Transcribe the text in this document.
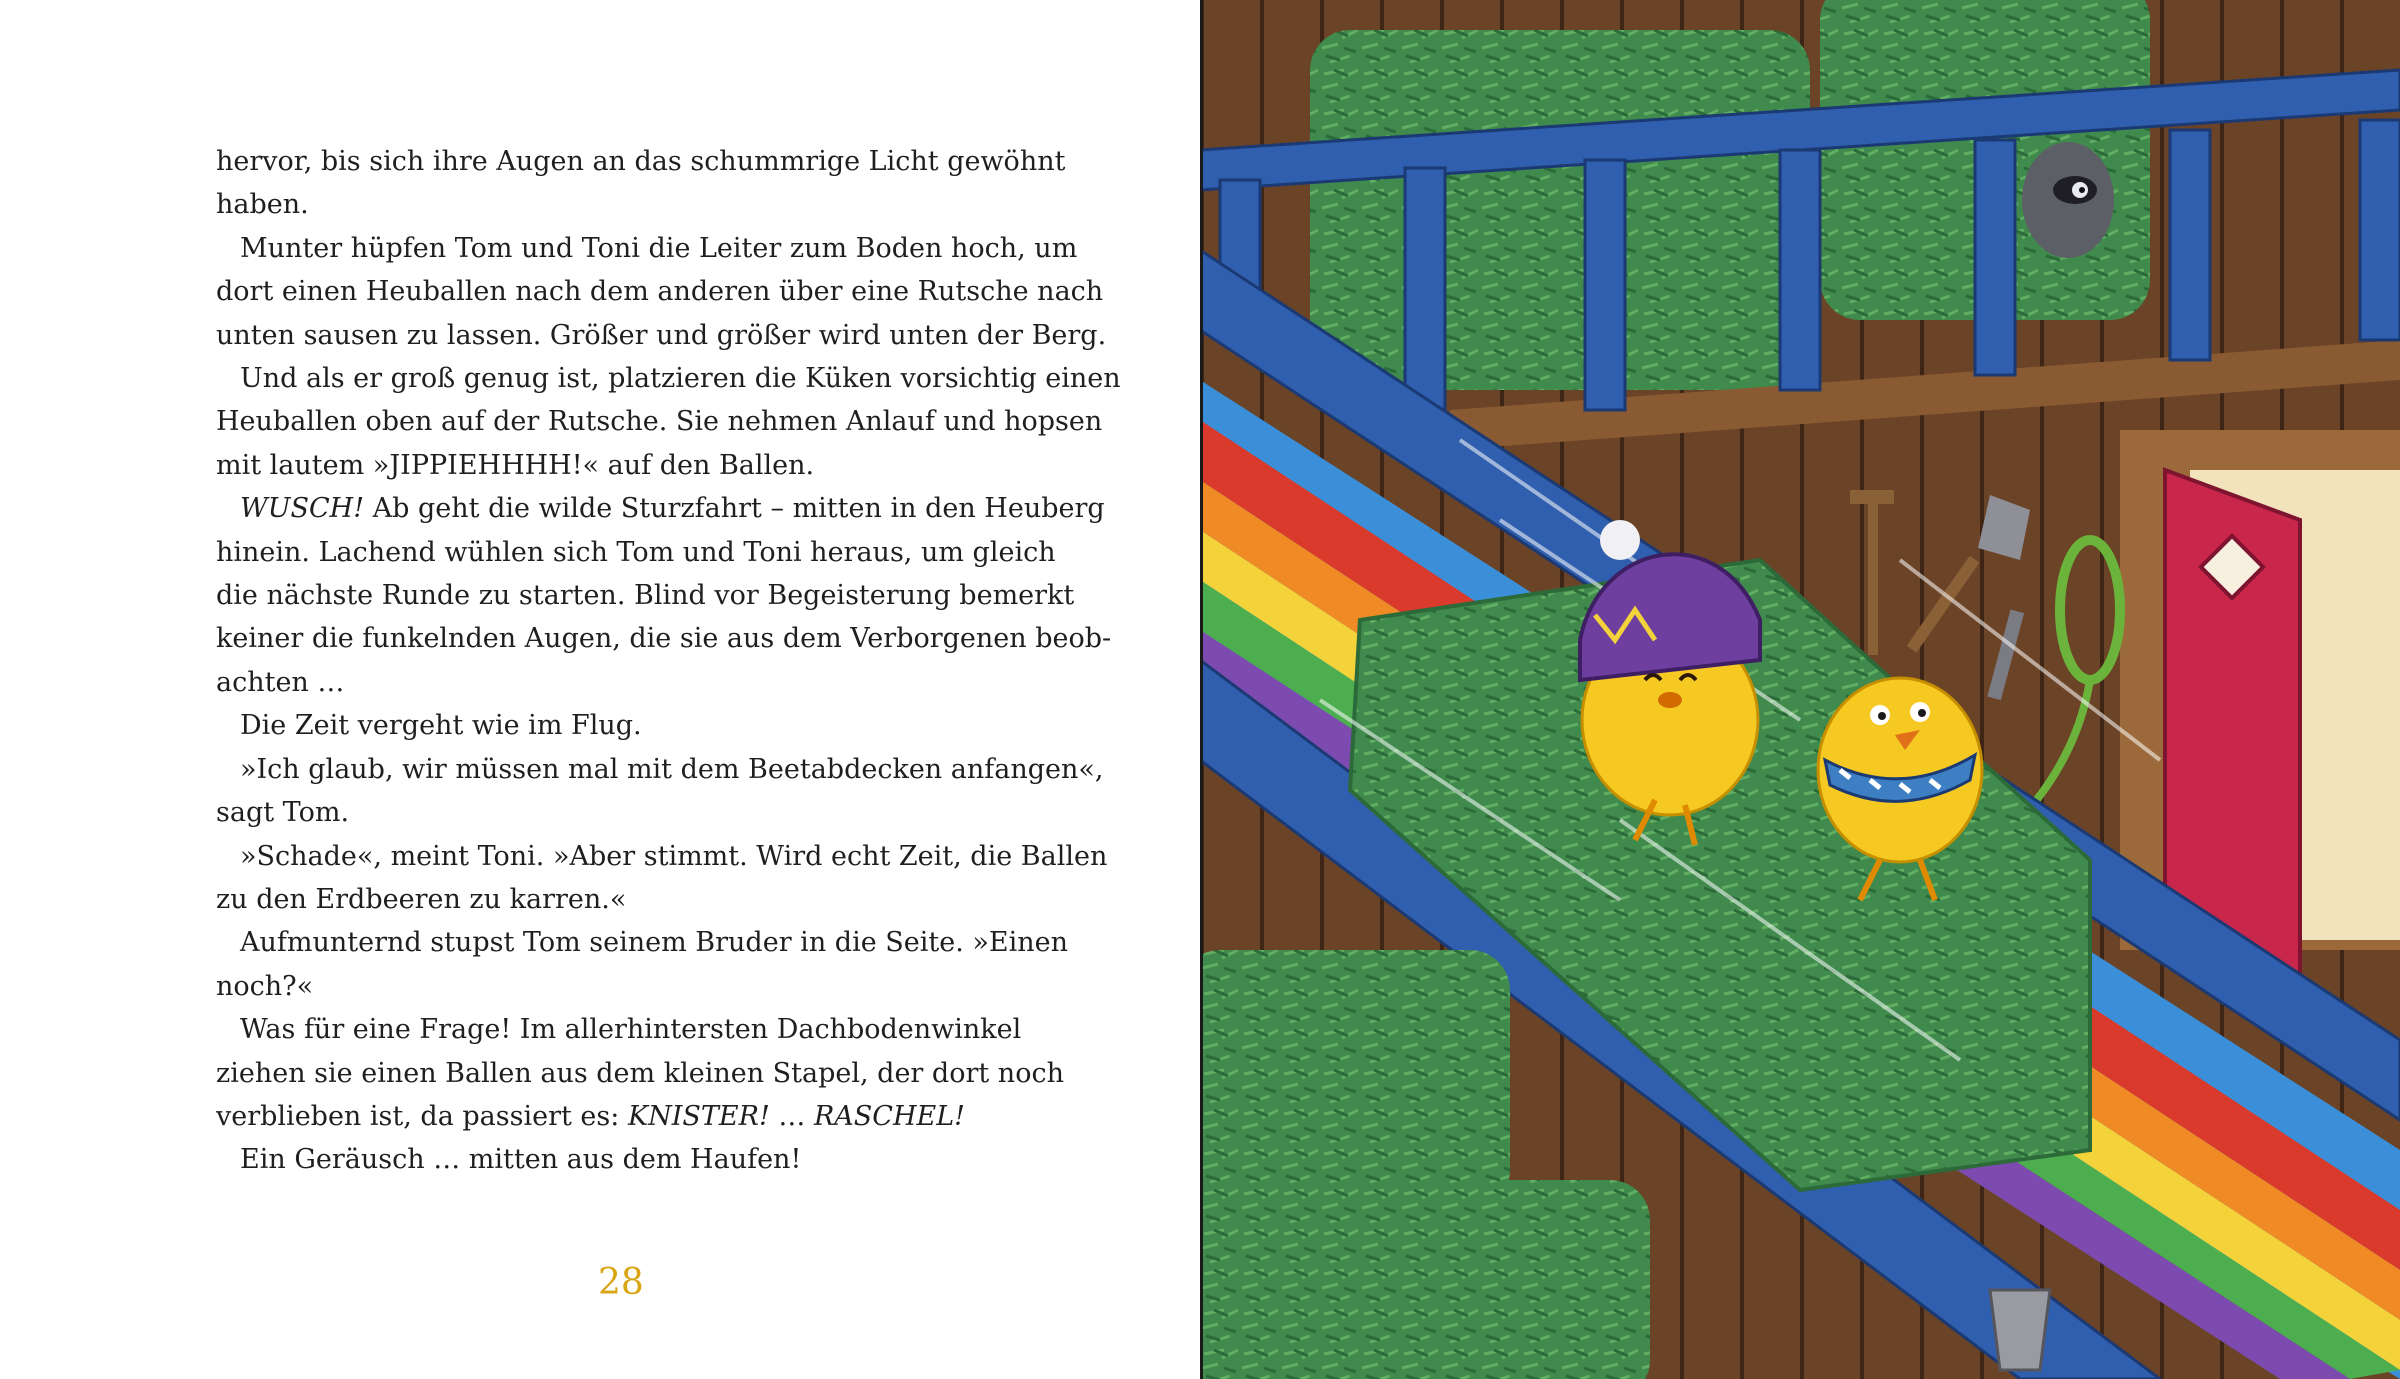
hervor, bis sich ihre Augen an das schummrige Licht gewöhnt
haben.
Munter hüpfen Tom und Toni die Leiter zum Boden hoch, um
dort einen Heuballen nach dem anderen über eine Rutsche nach
unten sausen zu lassen. Größer und größer wird unten der Berg.
Und als er groß genug ist, platzieren die Küken vorsichtig einen
Heuballen oben auf der Rutsche. Sie nehmen Anlauf und hopsen
mit lautem »JIPPIEHHHH!« auf den Ballen.
WUSCH! Ab geht die wilde Sturzfahrt – mitten in den Heuberg
hinein. Lachend wühlen sich Tom und Toni heraus, um gleich
die nächste Runde zu starten. Blind vor Begeisterung bemerkt
keiner die funkelnden Augen, die sie aus dem Verborgenen beob-
achten …
Die Zeit vergeht wie im Flug.
»Ich glaub, wir müssen mal mit dem Beetabdecken anfangen«,
sagt Tom.
»Schade«, meint Toni. »Aber stimmt. Wird echt Zeit, die Ballen
zu den Erdbeeren zu karren.«
Aufmunternd stupst Tom seinem Bruder in die Seite. »Einen
noch?«
Was für eine Frage! Im allerhintersten Dachbodenwinkel
ziehen sie einen Ballen aus dem kleinen Stapel, der dort noch
verblieben ist, da passiert es: KNISTER! … RASCHEL!
Ein Geräusch … mitten aus dem Haufen!
28
